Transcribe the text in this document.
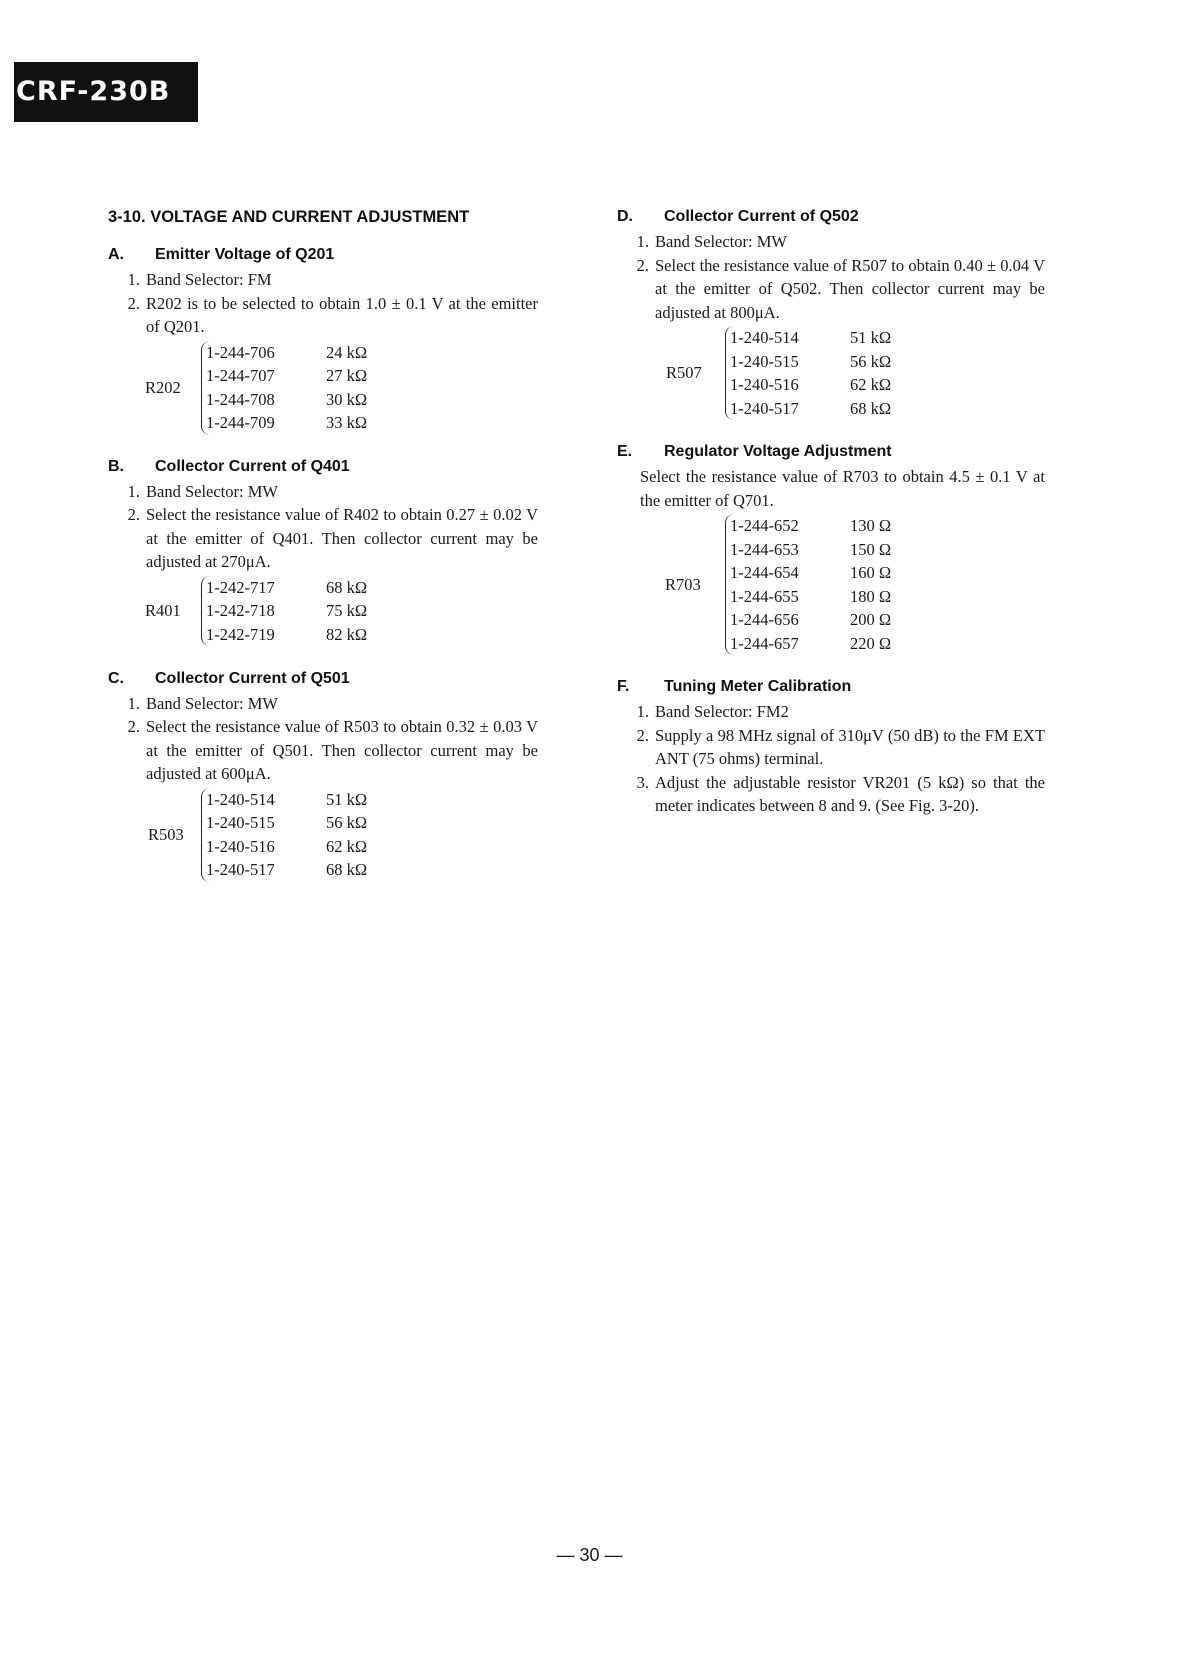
CRF-230B
3-10. VOLTAGE AND CURRENT ADJUSTMENT
A.	Emitter Voltage of Q201
1. Band Selector: FM
2. R202 is to be selected to obtain 1.0 ± 0.1 V at the emitter of Q201.
R202
1-244-706	24 kΩ
1-244-707	27 kΩ
1-244-708	30 kΩ
1-244-709	33 kΩ
B.	Collector Current of Q401
1. Band Selector: MW
2. Select the resistance value of R402 to obtain 0.27 ± 0.02 V at the emitter of Q401. Then collector current may be adjusted at 270μA.
R401
1-242-717	68 kΩ
1-242-718	75 kΩ
1-242-719	82 kΩ
C.	Collector Current of Q501
1. Band Selector: MW
2. Select the resistance value of R503 to obtain 0.32 ± 0.03 V at the emitter of Q501. Then collector current may be adjusted at 600μA.
R503
1-240-514	51 kΩ
1-240-515	56 kΩ
1-240-516	62 kΩ
1-240-517	68 kΩ
D.	Collector Current of Q502
1. Band Selector: MW
2. Select the resistance value of R507 to obtain 0.40 ± 0.04 V at the emitter of Q502. Then collector current may be adjusted at 800μA.
R507
1-240-514	51 kΩ
1-240-515	56 kΩ
1-240-516	62 kΩ
1-240-517	68 kΩ
E.	Regulator Voltage Adjustment
Select the resistance value of R703 to obtain 4.5 ± 0.1 V at the emitter of Q701.
R703
1-244-652	130 Ω
1-244-653	150 Ω
1-244-654	160 Ω
1-244-655	180 Ω
1-244-656	200 Ω
1-244-657	220 Ω
F.	Tuning Meter Calibration
1. Band Selector: FM2
2. Supply a 98 MHz signal of 310μV (50 dB) to the FM EXT ANT (75 ohms) terminal.
3. Adjust the adjustable resistor VR201 (5 kΩ) so that the meter indicates between 8 and 9. (See Fig. 3-20).
— 30 —
